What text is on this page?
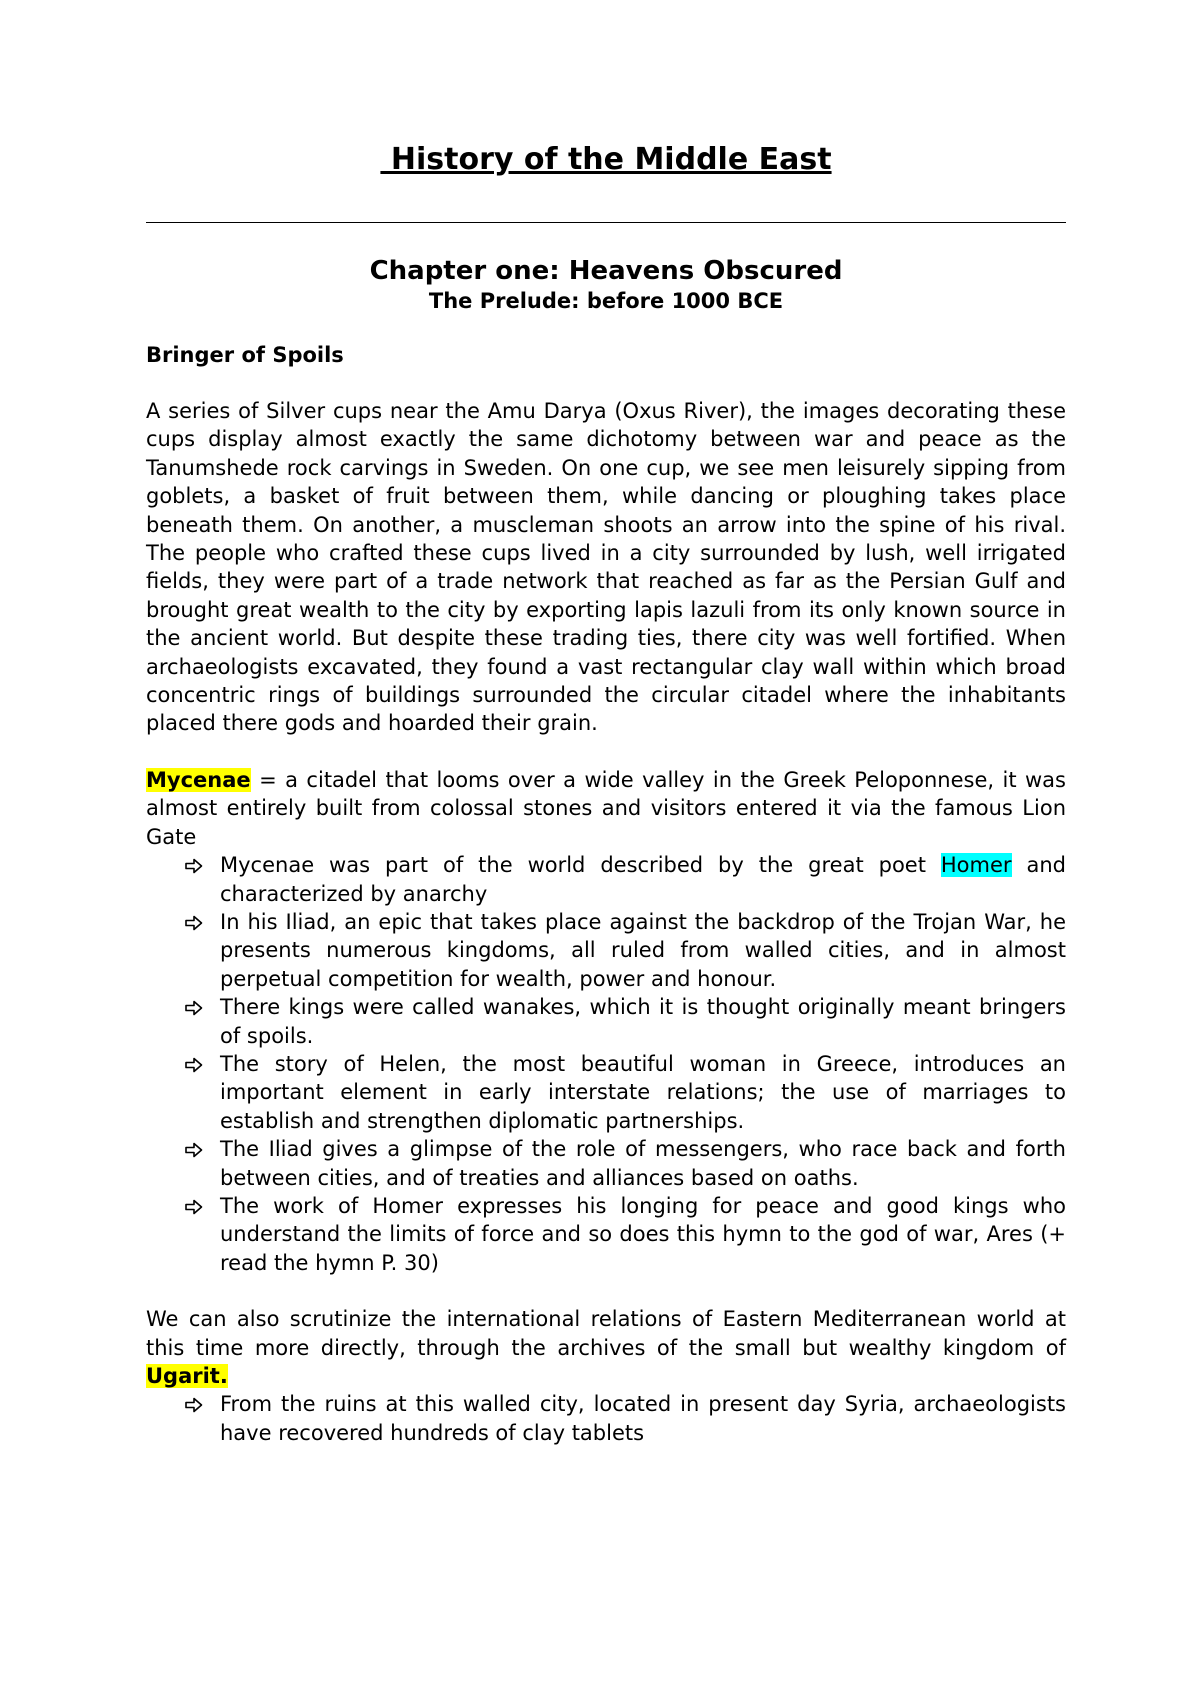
History of the Middle East
Chapter one: Heavens Obscured
The Prelude: before 1000 BCE
Bringer of Spoils

A series of Silver cups near the Amu Darya (Oxus River), the images decorating these cups display almost exactly the same dichotomy between war and peace as the Tanumshede rock carvings in Sweden. On one cup, we see men leisurely sipping from goblets, a basket of fruit between them, while dancing or ploughing takes place beneath them. On another, a muscleman shoots an arrow into the spine of his rival. The people who crafted these cups lived in a city surrounded by lush, well irrigated fields, they were part of a trade network that reached as far as the Persian Gulf and brought great wealth to the city by exporting lapis lazuli from its only known source in the ancient world. But despite these trading ties, there city was well fortified. When archaeologists excavated, they found a vast rectangular clay wall within which broad concentric rings of buildings surrounded the circular citadel where the inhabitants placed there gods and hoarded their grain.

Mycenae = a citadel that looms over a wide valley in the Greek Peloponnese, it was almost entirely built from colossal stones and visitors entered it via the famous Lion Gate

Mycenae was part of the world described by the great poet Homer and characterized by anarchy
In his Iliad, an epic that takes place against the backdrop of the Trojan War, he presents numerous kingdoms, all ruled from walled cities, and in almost perpetual competition for wealth, power and honour.
There kings were called wanakes, which it is thought originally meant bringers of spoils.
The story of Helen, the most beautiful woman in Greece, introduces an important element in early interstate relations; the use of marriages to establish and strengthen diplomatic partnerships.
The Iliad gives a glimpse of the role of messengers, who race back and forth between cities, and of treaties and alliances based on oaths.
The work of Homer expresses his longing for peace and good kings who understand the limits of force and so does this hymn to the god of war, Ares (+ read the hymn P. 30)

We can also scrutinize the international relations of Eastern Mediterranean world at this time more directly, through the archives of the small but wealthy kingdom of Ugarit.

From the ruins at this walled city, located in present day Syria, archaeologists have recovered hundreds of clay tablets
